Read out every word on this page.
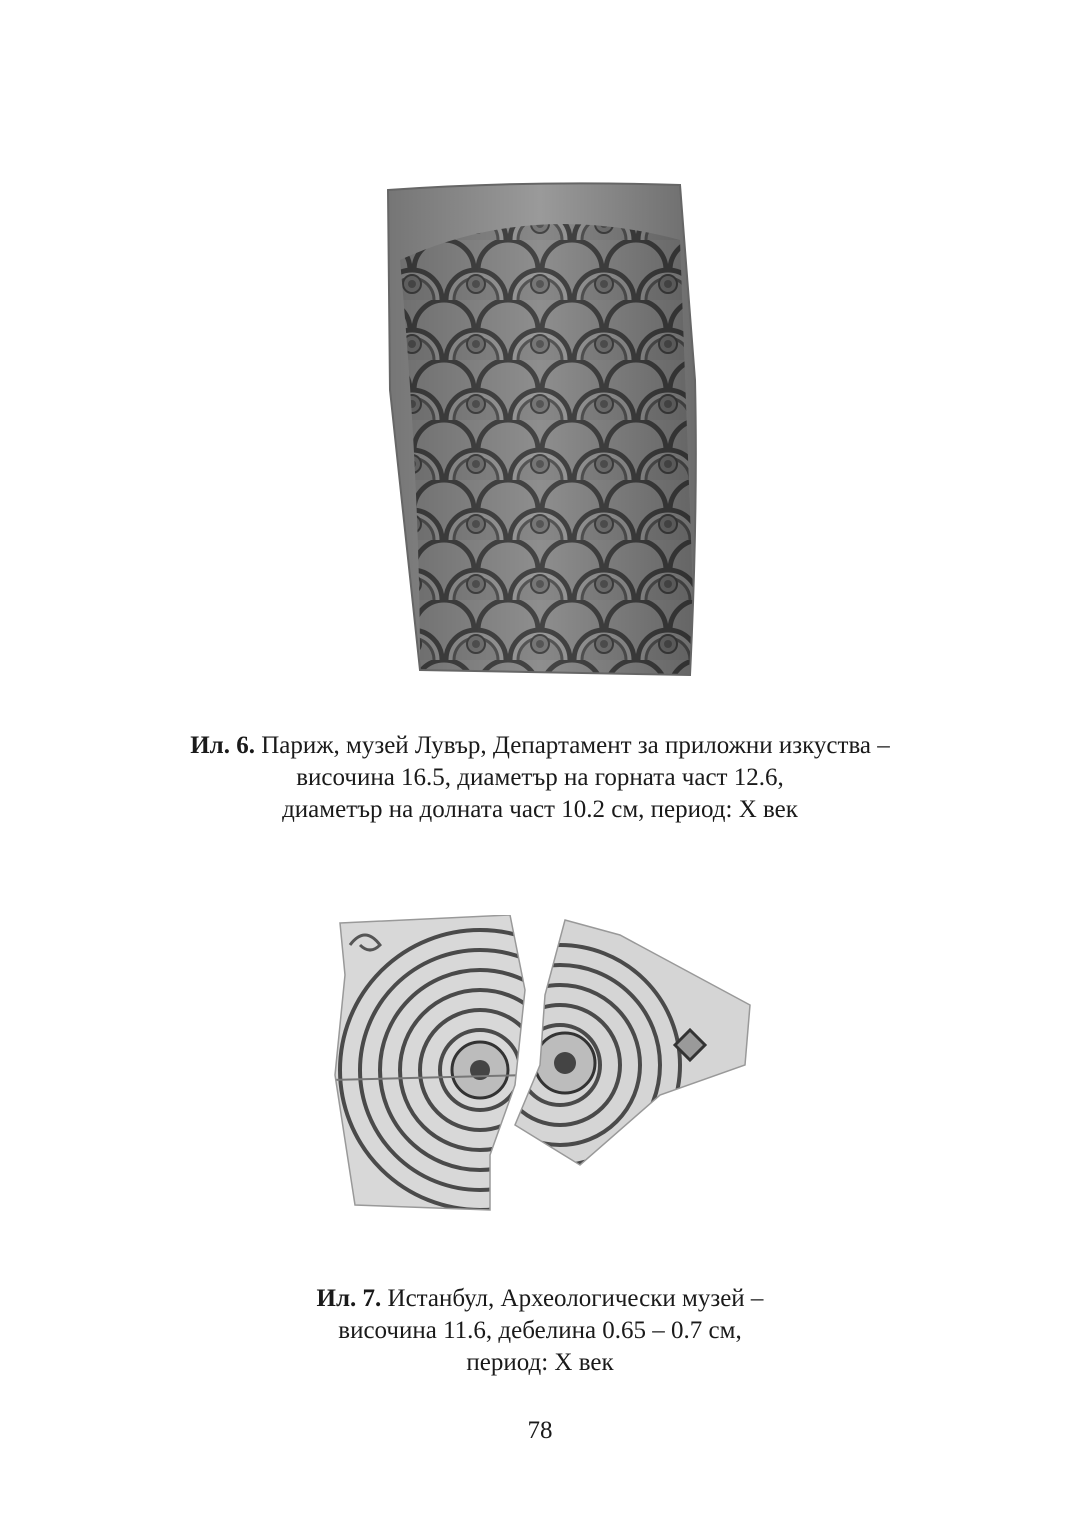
Ил. 6. Париж, музей Лувър, Департамент за приложни изкуства –
височина 16.5, диаметър на горната част 12.6,
диаметър на долната част 10.2 см, период: X век
Ил. 7. Истанбул, Археологически музей –
височина 11.6, дебелина 0.65 – 0.7 см,
период: X век
78
